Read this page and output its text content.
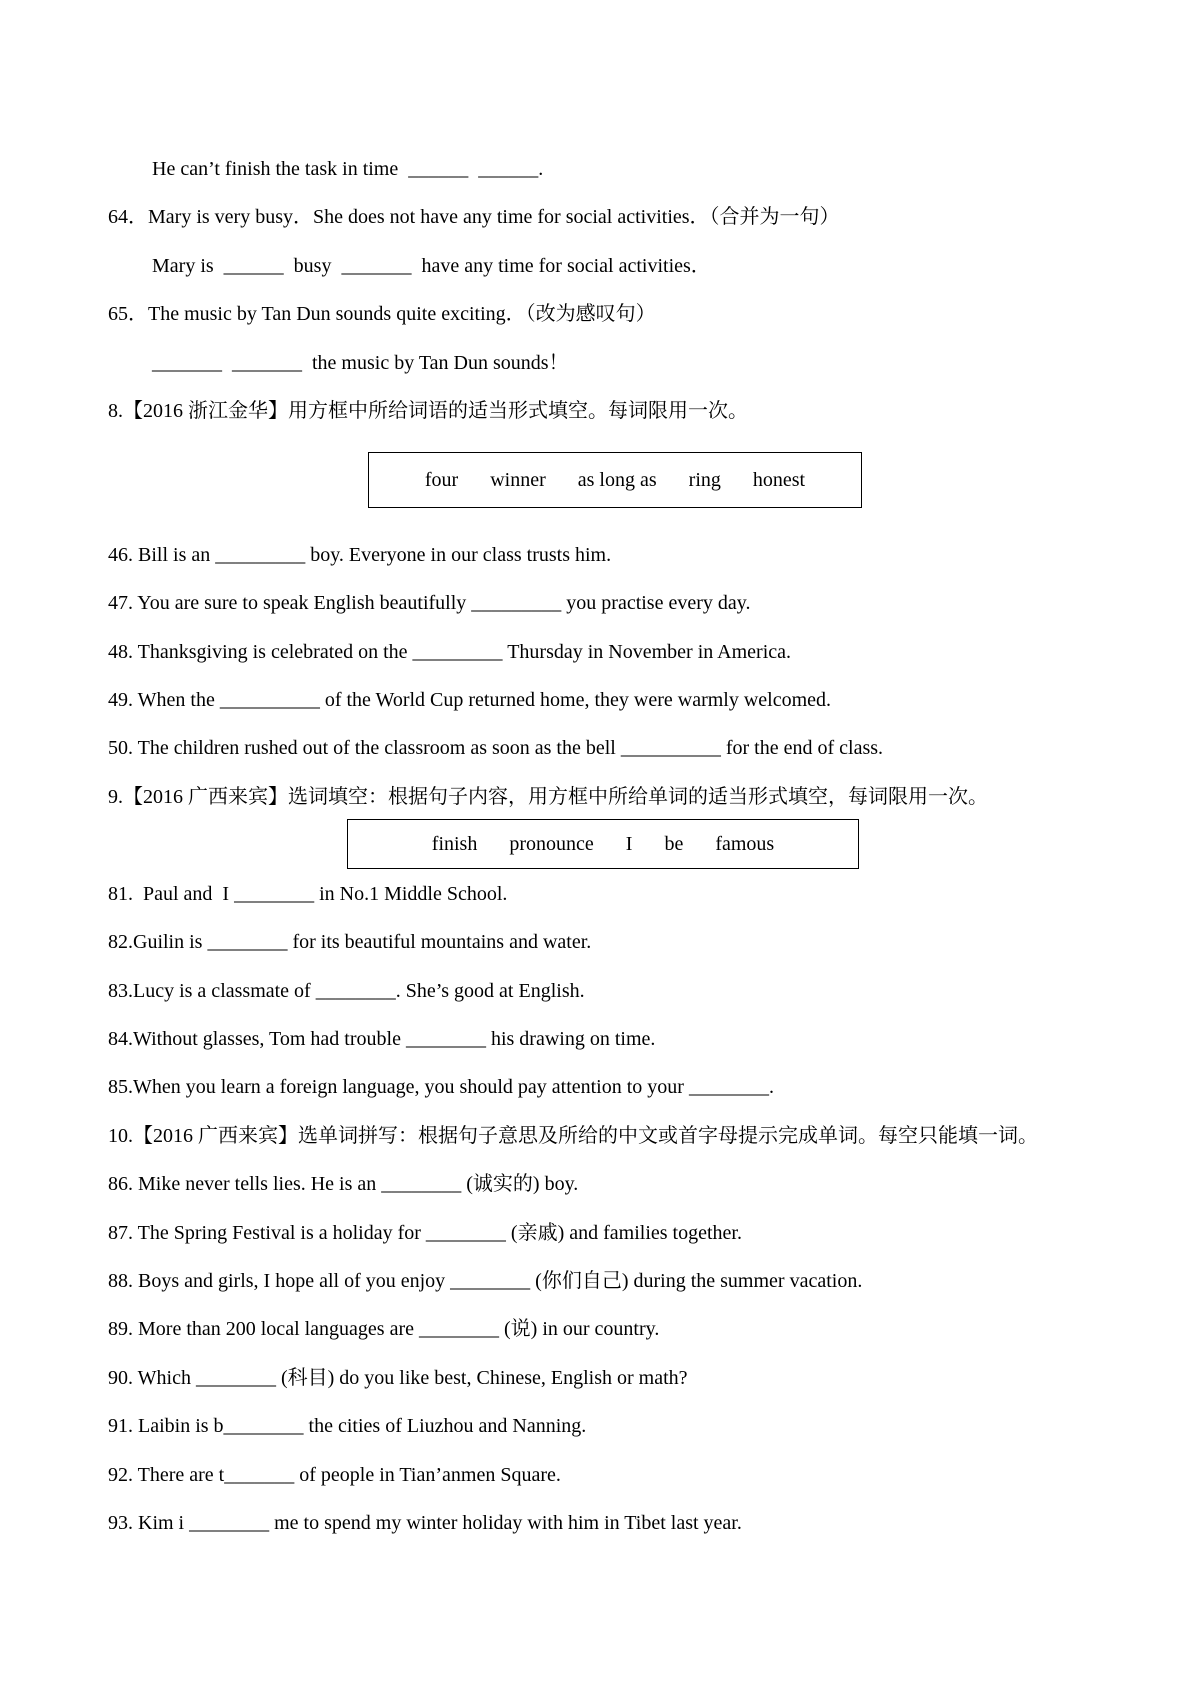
He can’t finish the task in time  ______  ______.
64．Mary is very busy．She does not have any time for social activities．（合并为一句）
Mary is  ______  busy  _______  have any time for social activities．
65．The music by Tan Dun sounds quite exciting．（改为感叹句）
_______  _______  the music by Tan Dun sounds！
8.【2016 浙江金华】用方框中所给词语的适当形式填空。每词限用一次。
four winner as long as ring honest
46. Bill is an _________ boy. Everyone in our class trusts him.
47. You are sure to speak English beautifully _________ you practise every day.
48. Thanksgiving is celebrated on the _________ Thursday in November in America.
49. When the __________ of the World Cup returned home, they were warmly welcomed.
50. The children rushed out of the classroom as soon as the bell __________ for the end of class.
9.【2016 广西来宾】选词填空：根据句子内容，用方框中所给单词的适当形式填空，每词限用一次。
finish pronounce I be famous
81.  Paul and  I ________ in No.1 Middle School.
82.Guilin is ________ for its beautiful mountains and water.
83.Lucy is a classmate of ________. She’s good at English.
84.Without glasses, Tom had trouble ________ his drawing on time.
85.When you learn a foreign language, you should pay attention to your ________.
10.【2016 广西来宾】选单词拼写：根据句子意思及所给的中文或首字母提示完成单词。每空只能填一词。
86. Mike never tells lies. He is an ________ (诚实的) boy.
87. The Spring Festival is a holiday for ________ (亲戚) and families together.
88. Boys and girls, I hope all of you enjoy ________ (你们自己) during the summer vacation.
89. More than 200 local languages are ________ (说) in our country.
90. Which ________ (科目) do you like best, Chinese, English or math?
91. Laibin is b________ the cities of Liuzhou and Nanning.
92. There are t_______ of people in Tian’anmen Square.
93. Kim i ________ me to spend my winter holiday with him in Tibet last year.
